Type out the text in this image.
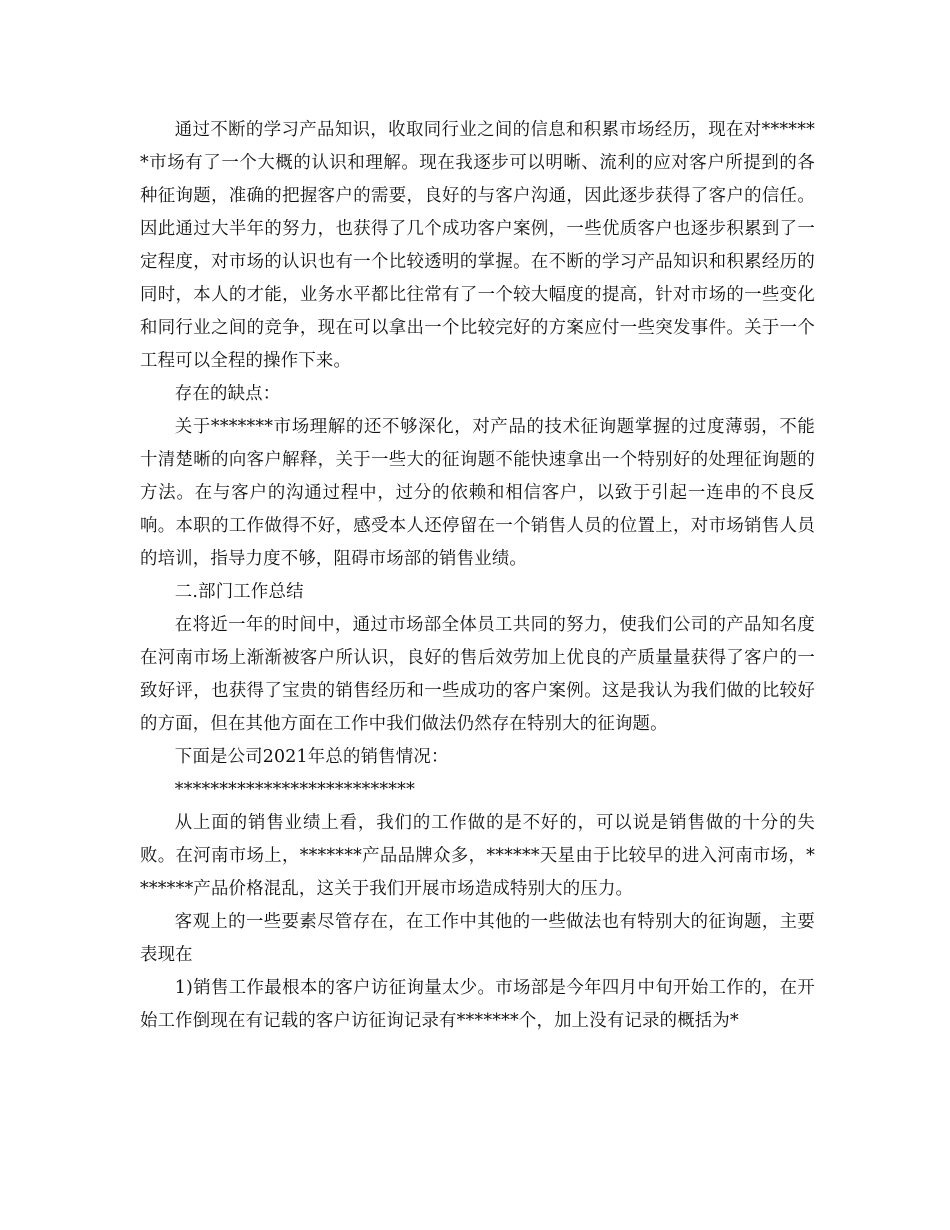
通过不断的学习产品知识，收取同行业之间的信息和积累市场经历，现在对*******市场有了一个大概的认识和理解。现在我逐步可以明晰、流利的应对客户所提到的各种征询题，准确的把握客户的需要，良好的与客户沟通，因此逐步获得了客户的信任。因此通过大半年的努力，也获得了几个成功客户案例，一些优质客户也逐步积累到了一定程度，对市场的认识也有一个比较透明的掌握。在不断的学习产品知识和积累经历的同时，本人的才能，业务水平都比往常有了一个较大幅度的提高，针对市场的一些变化和同行业之间的竞争，现在可以拿出一个比较完好的方案应付一些突发事件。关于一个工程可以全程的操作下来。

存在的缺点：

关于*******市场理解的还不够深化，对产品的技术征询题掌握的过度薄弱，不能十清楚晰的向客户解释，关于一些大的征询题不能快速拿出一个特别好的处理征询题的方法。在与客户的沟通过程中，过分的依赖和相信客户，以致于引起一连串的不良反响。本职的工作做得不好，感受本人还停留在一个销售人员的位置上，对市场销售人员的培训，指导力度不够，阻碍市场部的销售业绩。

二.部门工作总结

在将近一年的时间中，通过市场部全体员工共同的努力，使我们公司的产品知名度在河南市场上渐渐被客户所认识，良好的售后效劳加上优良的产质量量获得了客户的一致好评，也获得了宝贵的销售经历和一些成功的客户案例。这是我认为我们做的比较好的方面，但在其他方面在工作中我们做法仍然存在特别大的征询题。

下面是公司2021年总的销售情况：

***************************

从上面的销售业绩上看，我们的工作做的是不好的，可以说是销售做的十分的失败。在河南市场上，*******产品品牌众多，******天星由于比较早的进入河南市场，*******产品价格混乱，这关于我们开展市场造成特别大的压力。

客观上的一些要素尽管存在，在工作中其他的一些做法也有特别大的征询题，主要表现在

1)销售工作最根本的客户访征询量太少。市场部是今年四月中旬开始工作的，在开始工作倒现在有记载的客户访征询记录有*******个，加上没有记录的概括为*
